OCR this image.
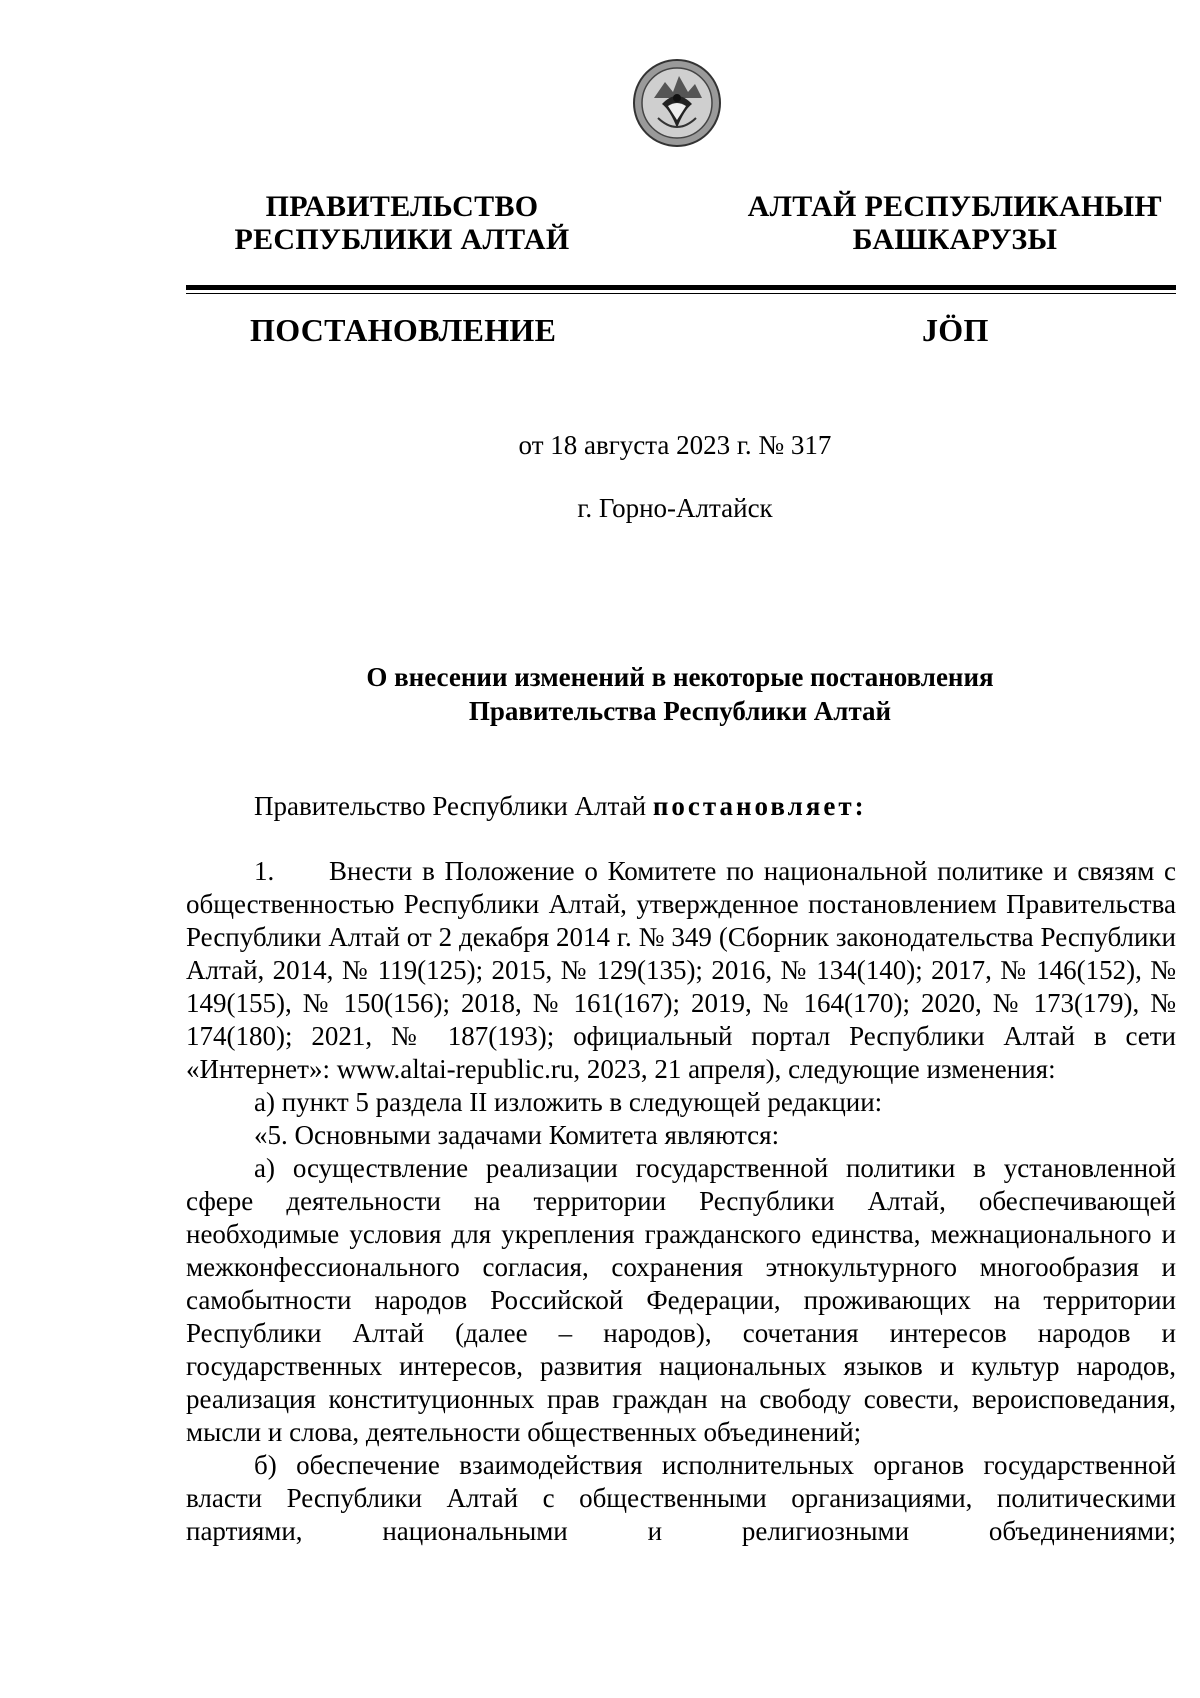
ПРАВИТЕЛЬСТВО
РЕСПУБЛИКИ АЛТАЙ
АЛТАЙ РЕСПУБЛИКАНЫҤ
БАШКАРУЗЫ
ПОСТАНОВЛЕНИЕ	JÖП
от 18 августа 2023 г. № 317
г. Горно-Алтайск
О внесении изменений в некоторые постановления
Правительства Республики Алтай

Правительство Республики Алтай постановляет:

1. Внести в Положение о Комитете по национальной политике и связям с общественностью Республики Алтай, утвержденное постановлением Правительства Республики Алтай от 2 декабря 2014 г. № 349 (Сборник законодательства Республики Алтай, 2014, № 119(125); 2015, № 129(135); 2016, № 134(140); 2017, № 146(152), № 149(155), № 150(156); 2018, № 161(167); 2019, № 164(170); 2020, № 173(179), № 174(180); 2021, № 187(193); официальный портал Республики Алтай в сети «Интернет»: www.altai-republic.ru, 2023, 21 апреля), следующие изменения:

а) пункт 5 раздела II изложить в следующей редакции:

«5. Основными задачами Комитета являются:

а) осуществление реализации государственной политики в установленной сфере деятельности на территории Республики Алтай, обеспечивающей необходимые условия для укрепления гражданского единства, межнационального и межконфессионального согласия, сохранения этнокультурного многообразия и самобытности народов Российской Федерации, проживающих на территории Республики Алтай (далее – народов), сочетания интересов народов и государственных интересов, развития национальных языков и культур народов, реализация конституционных прав граждан на свободу совести, вероисповедания, мысли и слова, деятельности общественных объединений;

б) обеспечение взаимодействия исполнительных органов государственной власти Республики Алтай с общественными организациями, политическими партиями, национальными и религиозными объединениями;
